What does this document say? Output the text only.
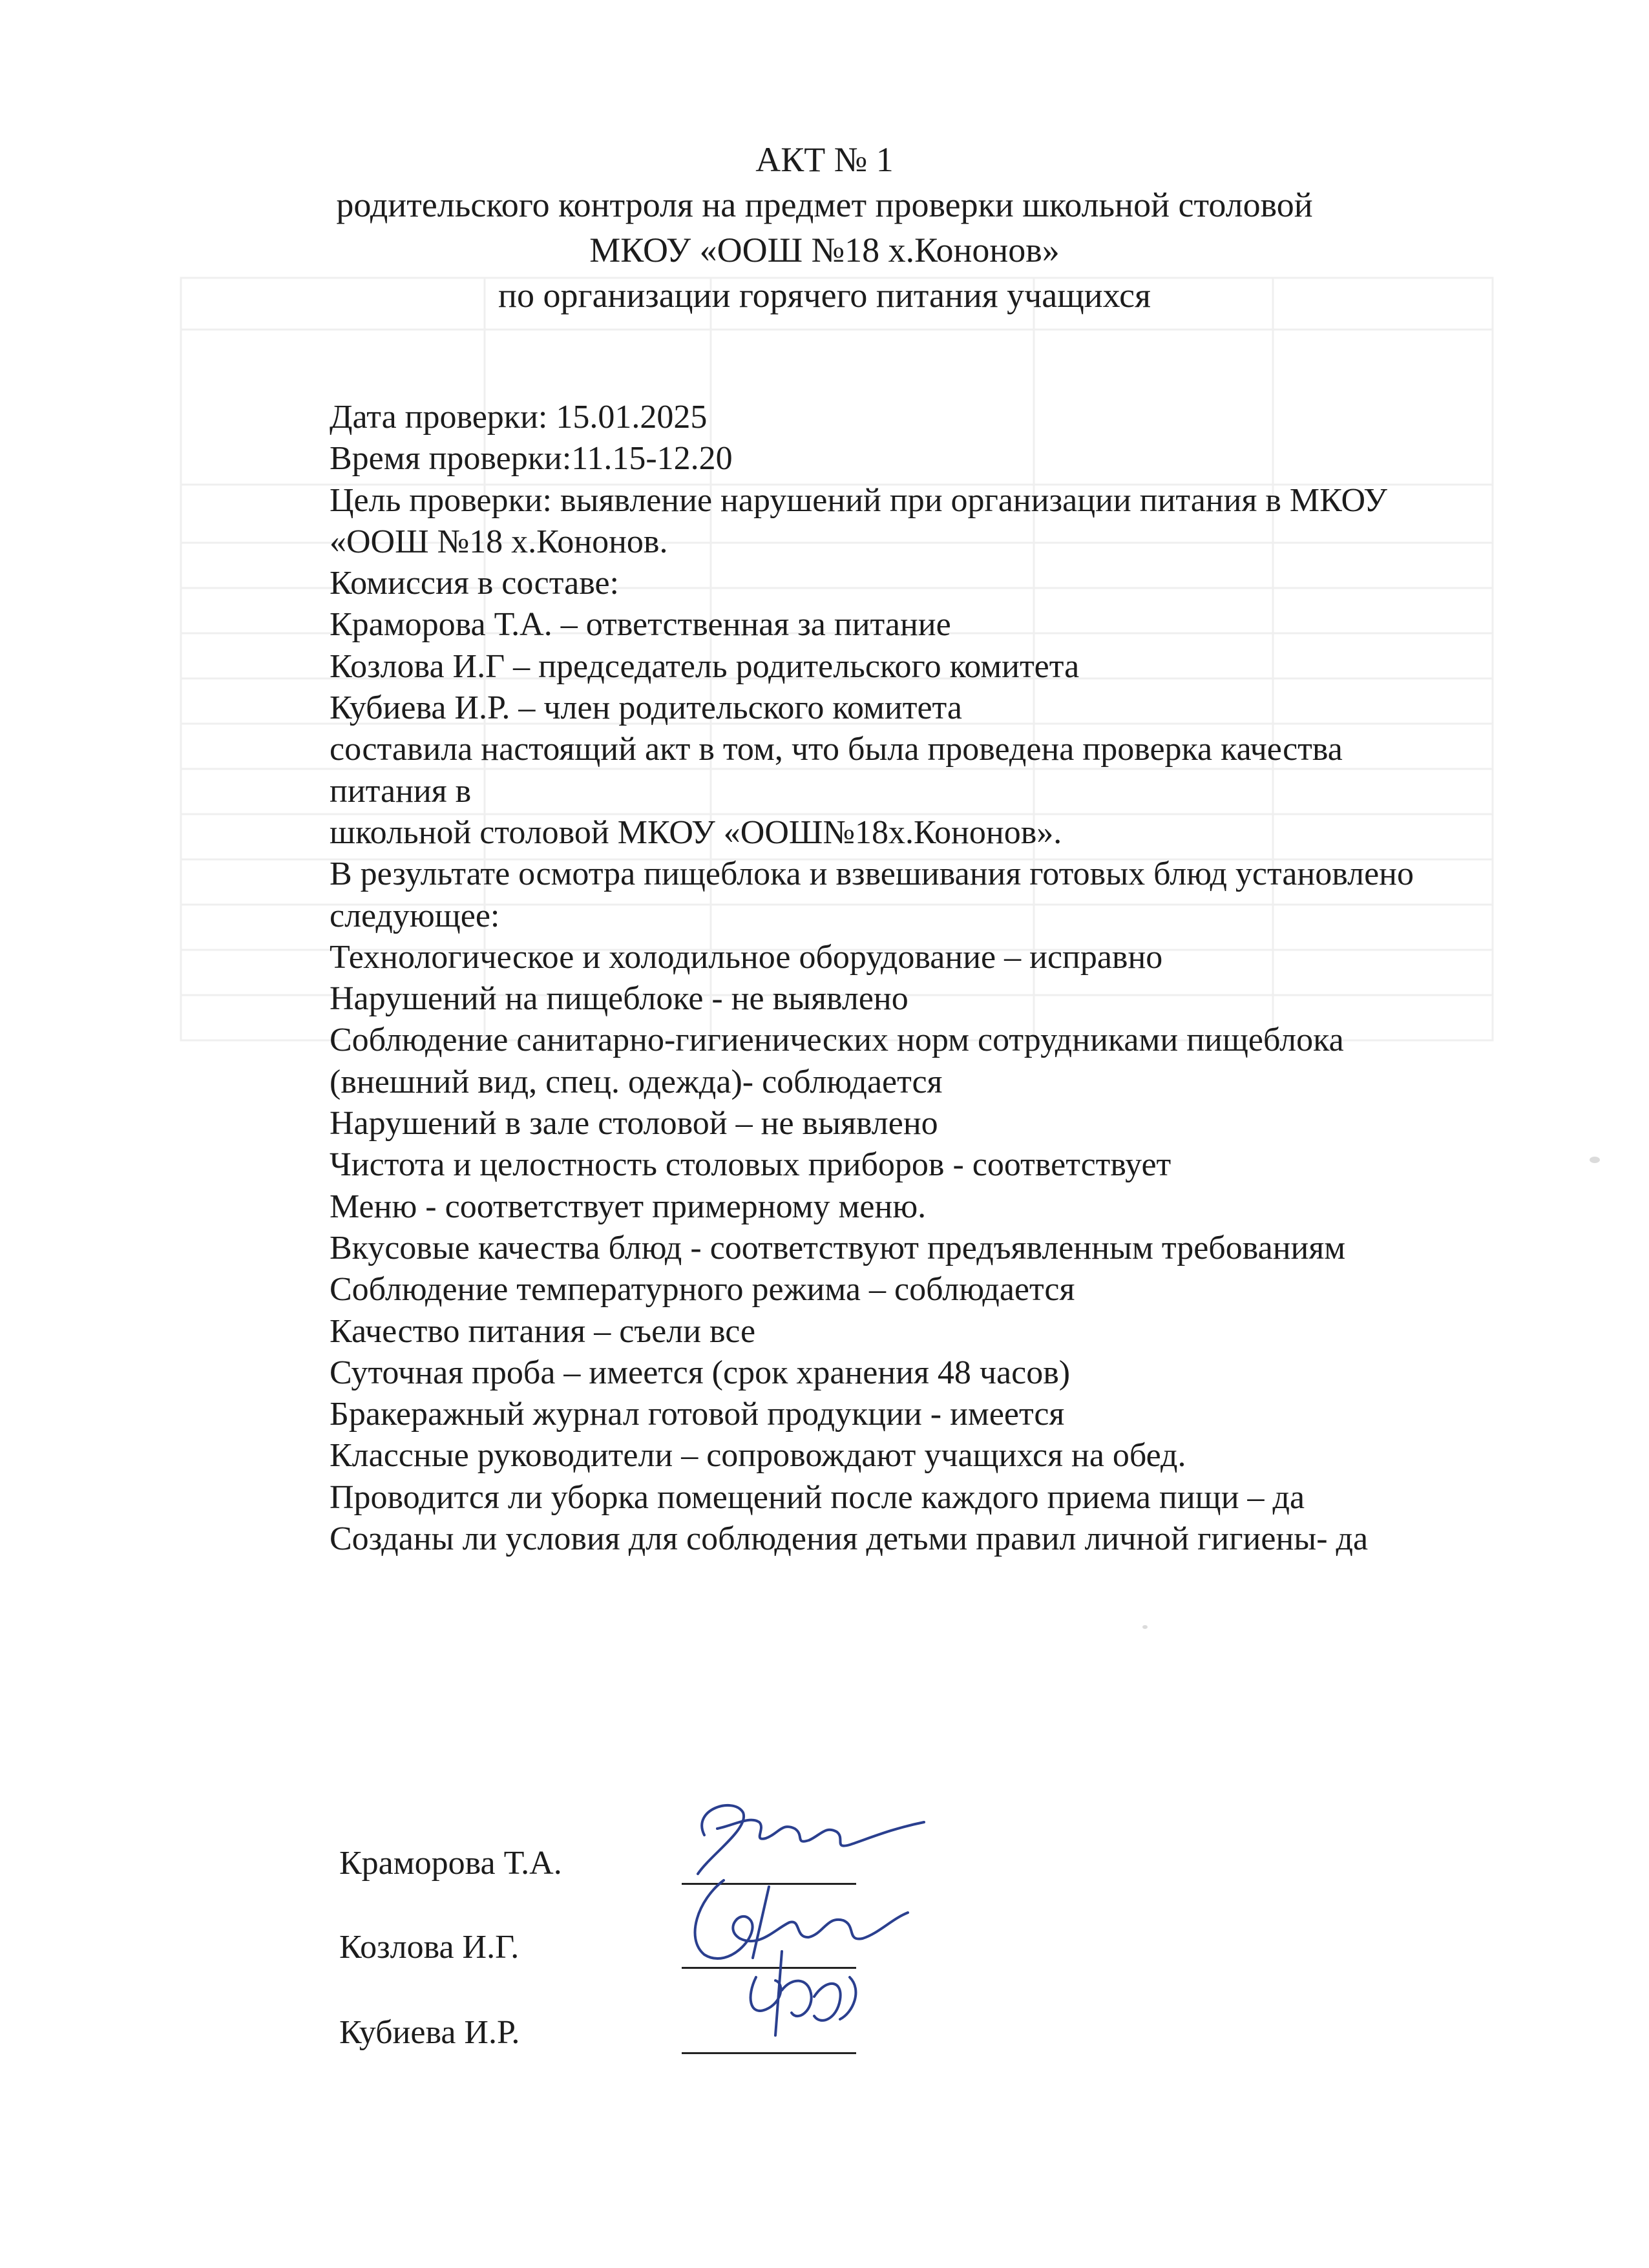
АКТ № 1
родительского контроля на предмет проверки школьной столовой
МКОУ «ООШ №18 х.Кононов»
по организации горячего питания учащихся
Дата проверки: 15.01.2025
Время проверки:11.15-12.20
Цель проверки: выявление нарушений при организации питания в МКОУ
«ООШ №18 х.Кононов.
Комиссия в составе:
Краморова Т.А. – ответственная за питание
Козлова И.Г – председатель родительского комитета
Кубиева И.Р. – член родительского комитета
составила настоящий акт в том, что была проведена проверка качества
питания в
школьной столовой МКОУ «ООШ№18х.Кононов».
В результате осмотра пищеблока и взвешивания готовых блюд установлено
следующее:
Технологическое и холодильное оборудование – исправно
Нарушений на пищеблоке - не выявлено
Соблюдение санитарно-гигиенических норм сотрудниками пищеблока
(внешний вид, спец. одежда)- соблюдается
Нарушений в зале столовой – не выявлено
Чистота и целостность столовых приборов - соответствует
Меню - соответствует примерному меню.
Вкусовые качества блюд - соответствуют предъявленным требованиям
Соблюдение температурного режима – соблюдается
Качество питания – съели все
Суточная проба – имеется (срок хранения 48 часов)
Бракеражный журнал готовой продукции - имеется
Классные руководители – сопровождают учащихся на обед.
Проводится ли уборка помещений после каждого приема пищи – да
Созданы ли условия для соблюдения детьми правил личной гигиены- да
Краморова Т.А.
Козлова И.Г.
Кубиева И.Р.
